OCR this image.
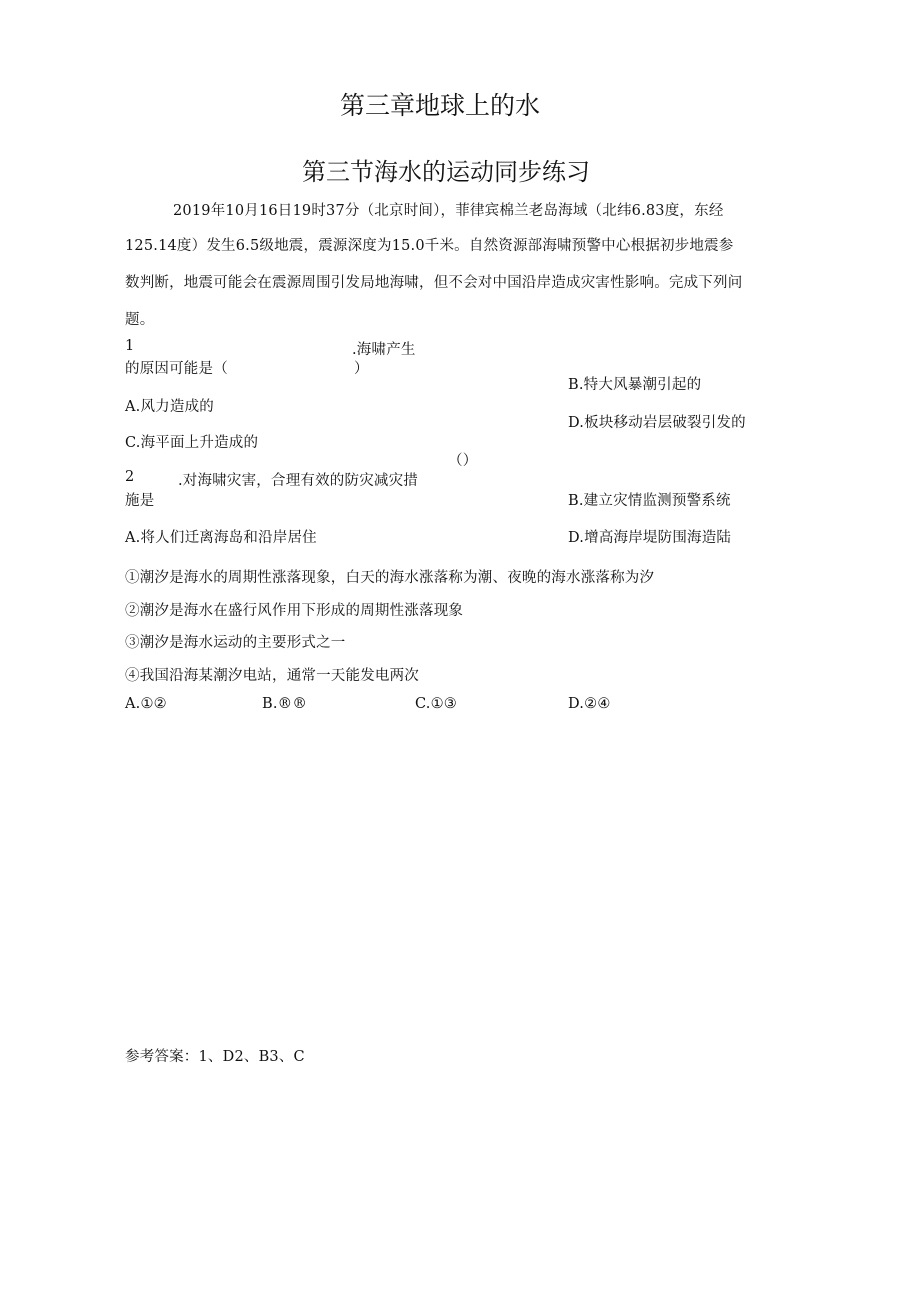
第三章地球上的水
第三节海水的运动同步练习
2019年10月16日19时37分（北京时间），菲律宾棉兰老岛海域（北纬6.83度，东经
125.14度）发生6.5级地震，震源深度为15.0千米。自然资源部海啸预警中心根据初步地震参
数判断，地震可能会在震源周围引发局地海啸，但不会对中国沿岸造成灾害性影响。完成下列问
题。
1	.海啸产生
的原因可能是（	）
B.特大风暴潮引起的
A.风力造成的
D.板块移动岩层破裂引发的
C.海平面上升造成的
（）
2	.对海啸灾害，合理有效的防灾减灾措
施是	B.建立灾情监测预警系统
A.将人们迁离海岛和沿岸居住	D.增高海岸堤防围海造陆
①潮汐是海水的周期性涨落现象，白天的海水涨落称为潮、夜晚的海水涨落称为汐
②潮汐是海水在盛行风作用下形成的周期性涨落现象
③潮汐是海水运动的主要形式之一
④我国沿海某潮汐电站，通常一天能发电两次
A.①②	B.®®	C.①③	D.②④
参考答案：1、D2、B3、C
